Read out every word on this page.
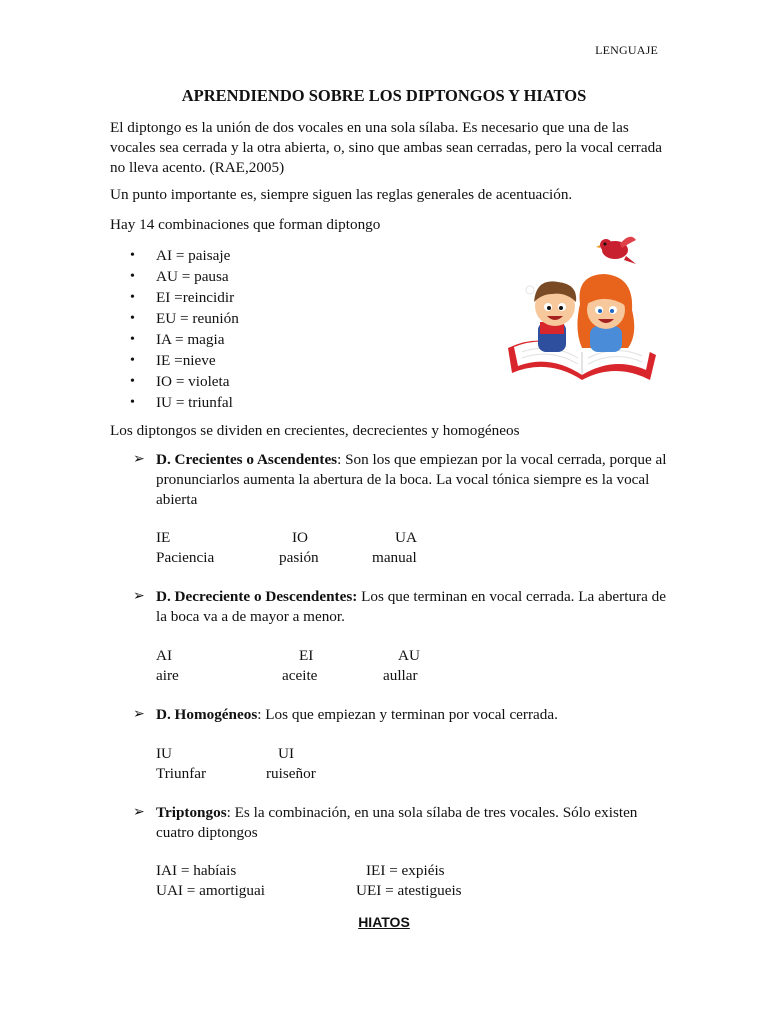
LENGUAJE
APRENDIENDO SOBRE LOS DIPTONGOS Y HIATOS
El diptongo es la unión de dos vocales en una sola sílaba. Es necesario que una de las vocales sea cerrada y la otra abierta, o, sino que ambas sean cerradas, pero la vocal cerrada no lleva acento. (RAE,2005)
Un punto importante es, siempre siguen las reglas generales de acentuación.
Hay 14 combinaciones que forman diptongo
• AI = paisaje
• AU = pausa
• EI =reincidir
• EU = reunión
• IA = magia
• IE =nieve
• IO = violeta
• IU = triunfal
Los diptongos se dividen en crecientes, decrecientes y homogéneos
➢ D. Crecientes o Ascendentes: Son los que empiezan por la vocal cerrada, porque al pronunciarlos aumenta la abertura de la boca. La vocal tónica siempre es la vocal abierta
IE	IO	UA
Paciencia	pasión	manual
➢ D. Decreciente o Descendentes: Los que terminan en vocal cerrada. La abertura de la boca va a de mayor a menor.
AI	EI	AU
aire	aceite	aullar
➢ D. Homogéneos: Los que empiezan y terminan por vocal cerrada.
IU	UI
Triunfar	ruiseñor
➢ Triptongos: Es la combinación, en una sola sílaba de tres vocales. Sólo existen cuatro diptongos
IAI = habíais	IEI = expiéis
UAI = amortiguai	UEI = atestigueis
HIATOS
